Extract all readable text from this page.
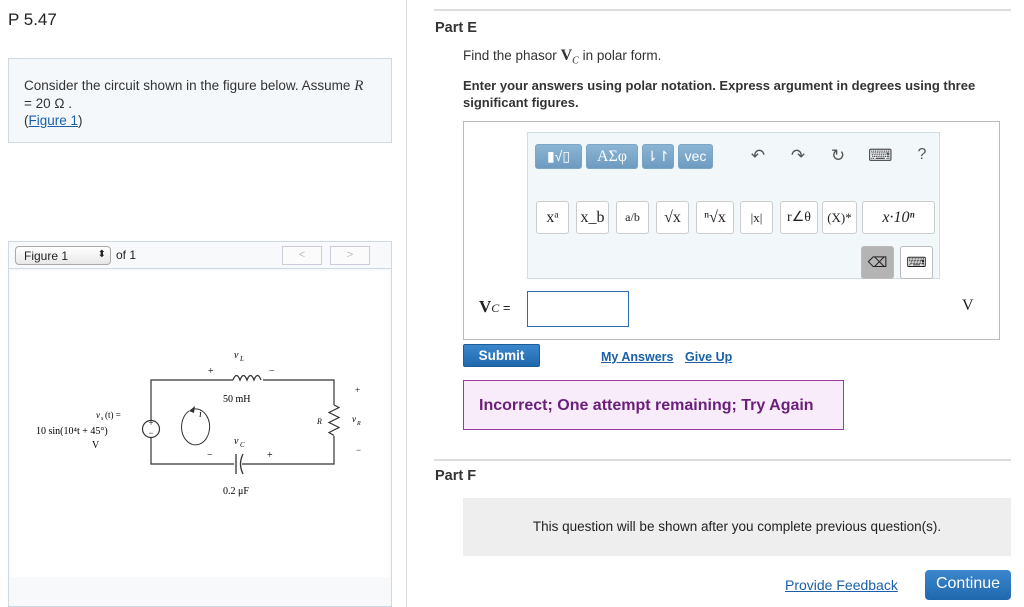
P 5.47
Consider the circuit shown in the figure below. Assume R
= 20 Ω .
(Figure 1)
Figure 1	⬍ of 1	<	>
+
−
i
+
v L
−
50 mH
R
+
v R
−
−
v C
+
0.2 μF
v s (t) =
10 sin(10⁴t + 45°)
V
Part E
Find the phasor $V_C$ in polar form.
Enter your answers using polar notation. Express argument in degrees using three significant figures.
▮√▯	ΑΣφ	⇂↾	vec	↶ ↷ ↻ ⌨	?
xᵃ	x_b	a/b	√x	ⁿ√x	|x|	r∠θ	(X)*	x·10ⁿ
⌫	⌨
VC =	V
Submit	My Answers Give Up
Incorrect; One attempt remaining; Try Again
Part F
This question will be shown after you complete previous question(s).
Provide Feedback	Continue
